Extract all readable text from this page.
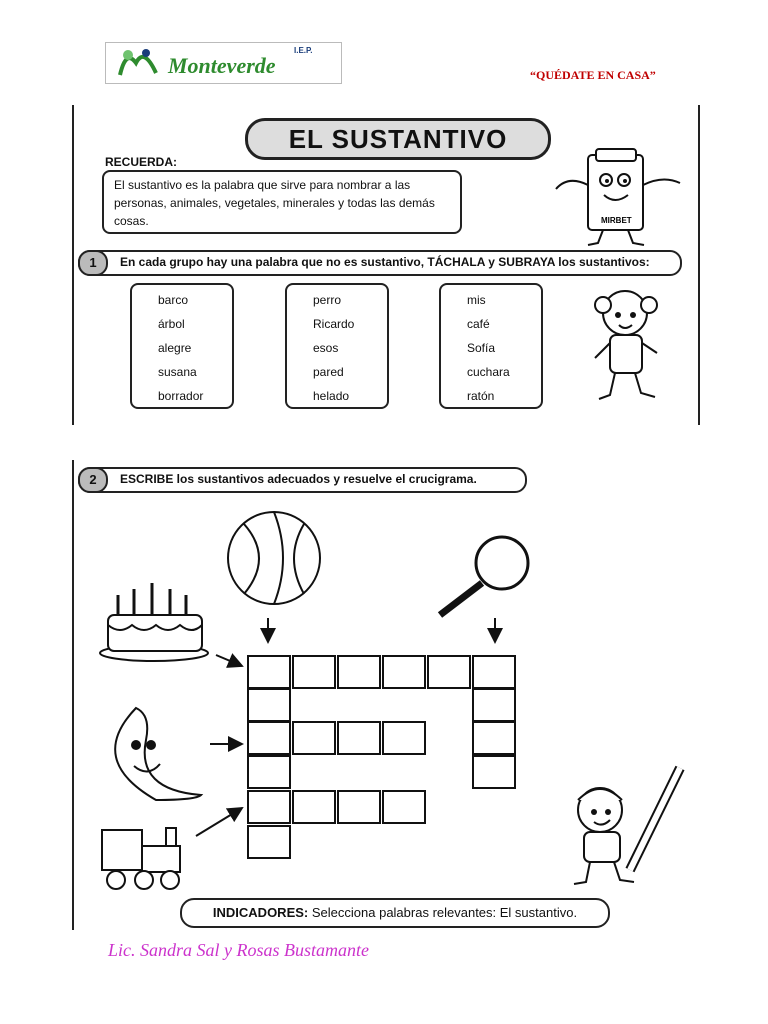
Monteverde
I.E.P.
“QUÉDATE EN CASA”
EL SUSTANTIVO
RECUERDA:
El sustantivo es la palabra que sirve para nombrar a las personas, animales, vegetales, minerales y todas las demás cosas.	MIRBET
1	En cada grupo hay una palabra que no es sustantivo, TÁCHALA y SUBRAYA los sustantivos:
barco
árbol
alegre
susana
borrador
perro
Ricardo
esos
pared
helado
mis
café
Sofía
cuchara
ratón
2	ESCRIBE los sustantivos adecuados y resuelve el crucigrama.
INDICADORES: Selecciona palabras relevantes: El sustantivo.
Lic. Sandra Sal y Rosas Bustamante
